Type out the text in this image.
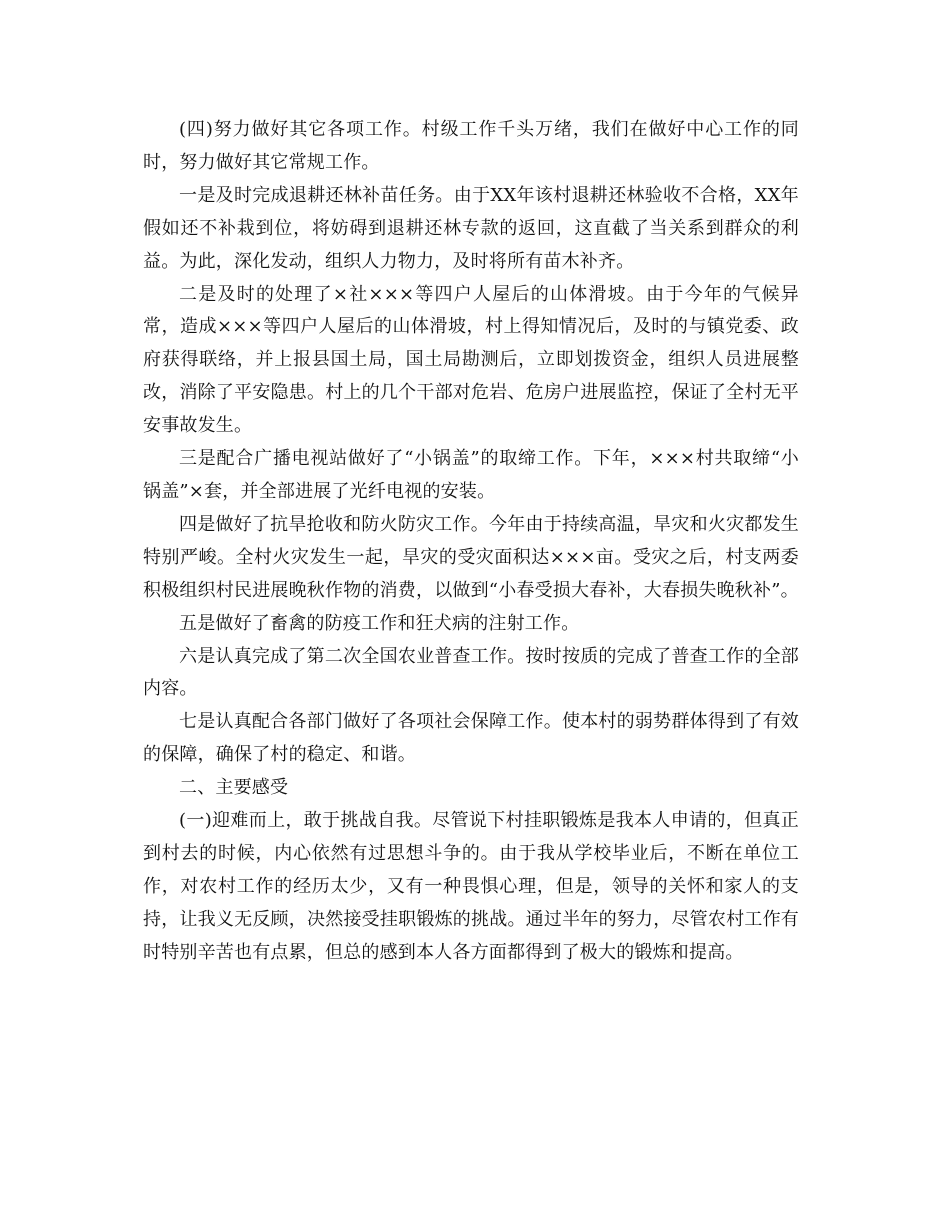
(四)努力做好其它各项工作。村级工作千头万绪，我们在做好中心工作的同时，努力做好其它常规工作。

一是及时完成退耕还林补苗任务。由于XX年该村退耕还林验收不合格，XX年假如还不补栽到位，将妨碍到退耕还林专款的返回，这直截了当关系到群众的利益。为此，深化发动，组织人力物力，及时将所有苗木补齐。

二是及时的处理了×社×××等四户人屋后的山体滑坡。由于今年的气候异常，造成×××等四户人屋后的山体滑坡，村上得知情况后，及时的与镇党委、政府获得联络，并上报县国土局，国土局勘测后，立即划拨资金，组织人员进展整改，消除了平安隐患。村上的几个干部对危岩、危房户进展监控，保证了全村无平安事故发生。

三是配合广播电视站做好了“小锅盖”的取缔工作。下年，×××村共取缔“小锅盖”×套，并全部进展了光纤电视的安装。

四是做好了抗旱抢收和防火防灾工作。今年由于持续高温，旱灾和火灾都发生特别严峻。全村火灾发生一起，旱灾的受灾面积达×××亩。受灾之后，村支两委积极组织村民进展晚秋作物的消费，以做到“小春受损大春补，大春损失晚秋补”。

五是做好了畜禽的防疫工作和狂犬病的注射工作。

六是认真完成了第二次全国农业普查工作。按时按质的完成了普查工作的全部内容。

七是认真配合各部门做好了各项社会保障工作。使本村的弱势群体得到了有效的保障，确保了村的稳定、和谐。

二、主要感受

(一)迎难而上，敢于挑战自我。尽管说下村挂职锻炼是我本人申请的，但真正到村去的时候，内心依然有过思想斗争的。由于我从学校毕业后，不断在单位工作，对农村工作的经历太少，又有一种畏惧心理，但是，领导的关怀和家人的支持，让我义无反顾，决然接受挂职锻炼的挑战。通过半年的努力，尽管农村工作有时特别辛苦也有点累，但总的感到本人各方面都得到了极大的锻炼和提高。
